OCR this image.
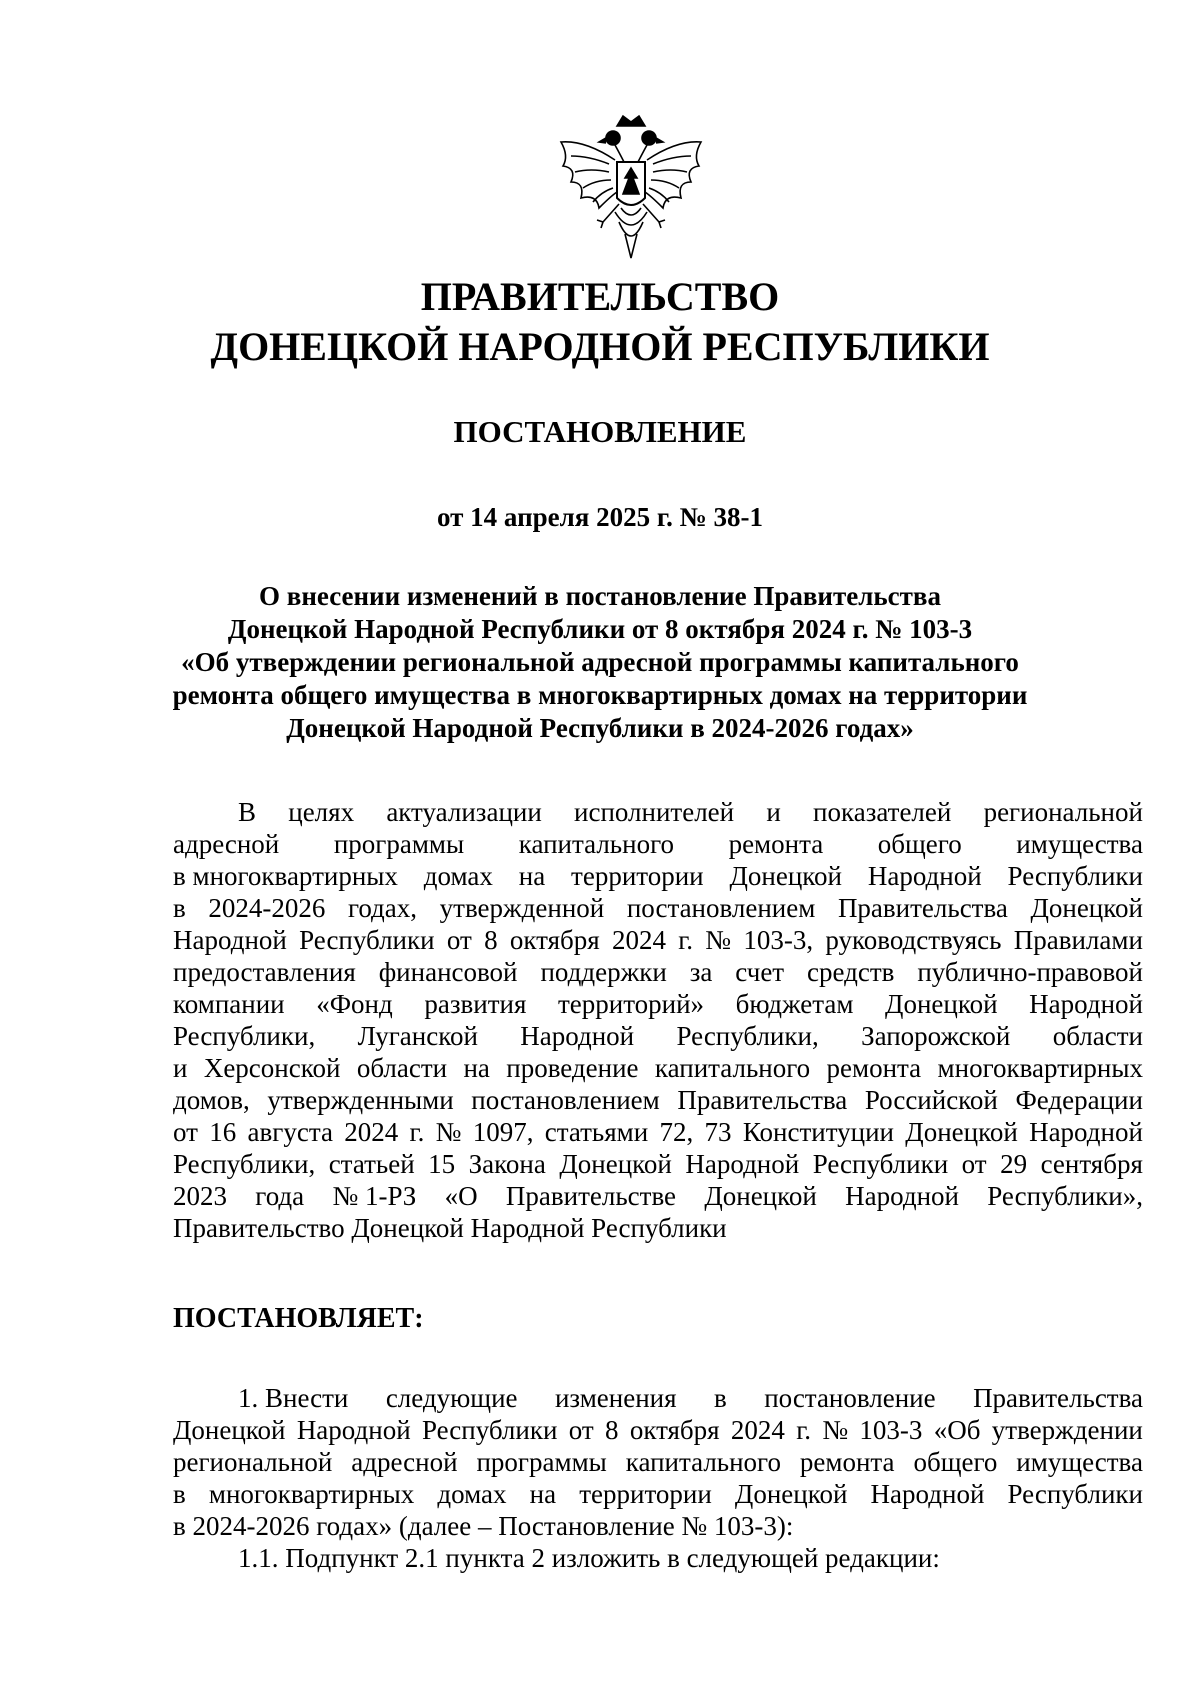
ПРАВИТЕЛЬСТВО
ДОНЕЦКОЙ НАРОДНОЙ РЕСПУБЛИКИ
ПОСТАНОВЛЕНИЕ
от 14 апреля 2025 г. № 38-1
О внесении изменений в постановление Правительства
Донецкой Народной Республики от 8 октября 2024 г. № 103-3
«Об утверждении региональной адресной программы капитального
ремонта общего имущества в многоквартирных домах на территории
Донецкой Народной Республики в 2024-2026 годах»
В целях актуализации исполнителей и показателей региональной
адресной программы капитального ремонта общего имущества
в многоквартирных домах на территории Донецкой Народной Республики
в 2024-2026 годах, утвержденной постановлением Правительства Донецкой
Народной Республики от 8 октября 2024 г. № 103-3, руководствуясь Правилами
предоставления финансовой поддержки за счет средств публично-правовой
компании «Фонд развития территорий» бюджетам Донецкой Народной
Республики, Луганской Народной Республики, Запорожской области
и Херсонской области на проведение капитального ремонта многоквартирных
домов, утвержденными постановлением Правительства Российской Федерации
от 16 августа 2024 г. № 1097, статьями 72, 73 Конституции Донецкой Народной
Республики, статьей 15 Закона Донецкой Народной Республики от 29 сентября
2023 года № 1-РЗ «О Правительстве Донецкой Народной Республики»,
Правительство Донецкой Народной Республики
ПОСТАНОВЛЯЕТ:
1. Внести следующие изменения в постановление Правительства
Донецкой Народной Республики от 8 октября 2024 г. № 103-3 «Об утверждении
региональной адресной программы капитального ремонта общего имущества
в многоквартирных домах на территории Донецкой Народной Республики
в 2024-2026 годах» (далее – Постановление № 103-3):
1.1. Подпункт 2.1 пункта 2 изложить в следующей редакции:
